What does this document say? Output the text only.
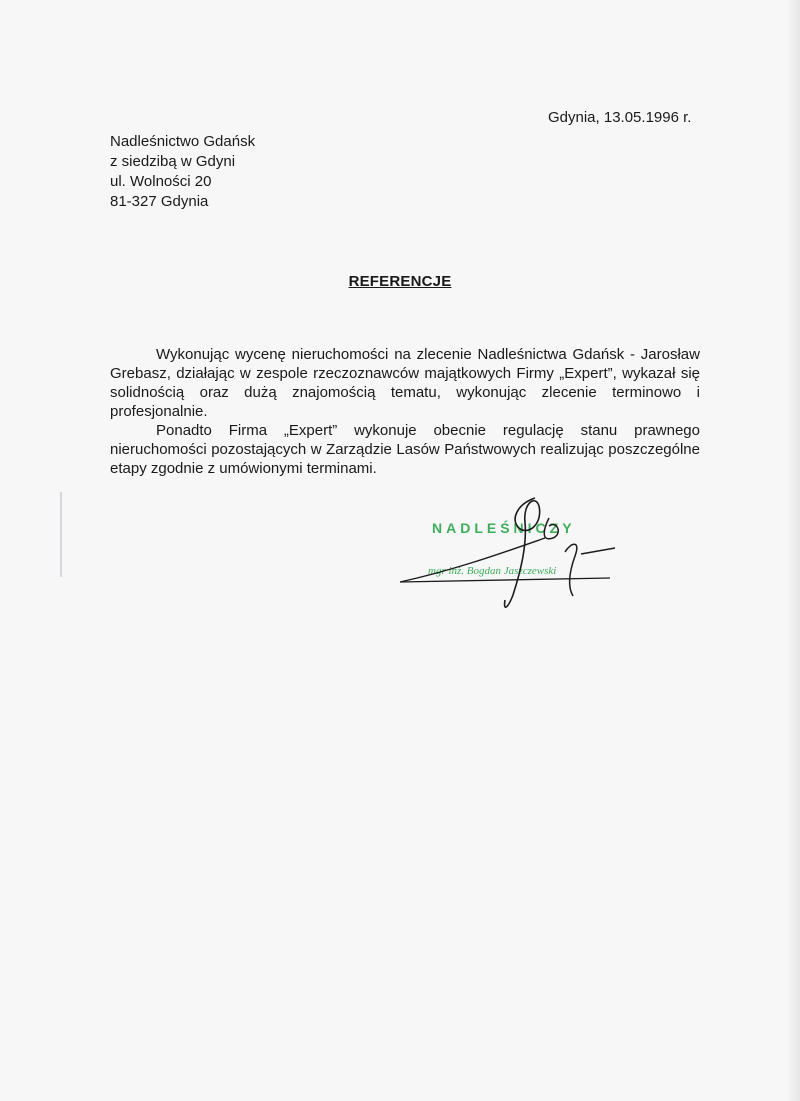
Gdynia, 13.05.1996 r.
Nadleśnictwo Gdańsk
z siedzibą w Gdyni
ul. Wolności 20
81-327 Gdynia
REFERENCJE

Wykonując wycenę nieruchomości na zlecenie Nadleśnictwa Gdańsk - Jarosław Grebasz, działając w zespole rzeczoznawców majątkowych Firmy „Expert”, wykazał się solidnością oraz dużą znajomością tematu, wykonując zlecenie terminowo i profesjonalnie.

Ponadto Firma „Expert” wykonuje obecnie regulację stanu prawnego nieruchomości pozostających w Zarządzie Lasów Państwowych realizując poszczególne etapy zgodnie z umówionymi terminami.

NADLEŚNICZY
mgr inż. Bogdan Jaszczewski
